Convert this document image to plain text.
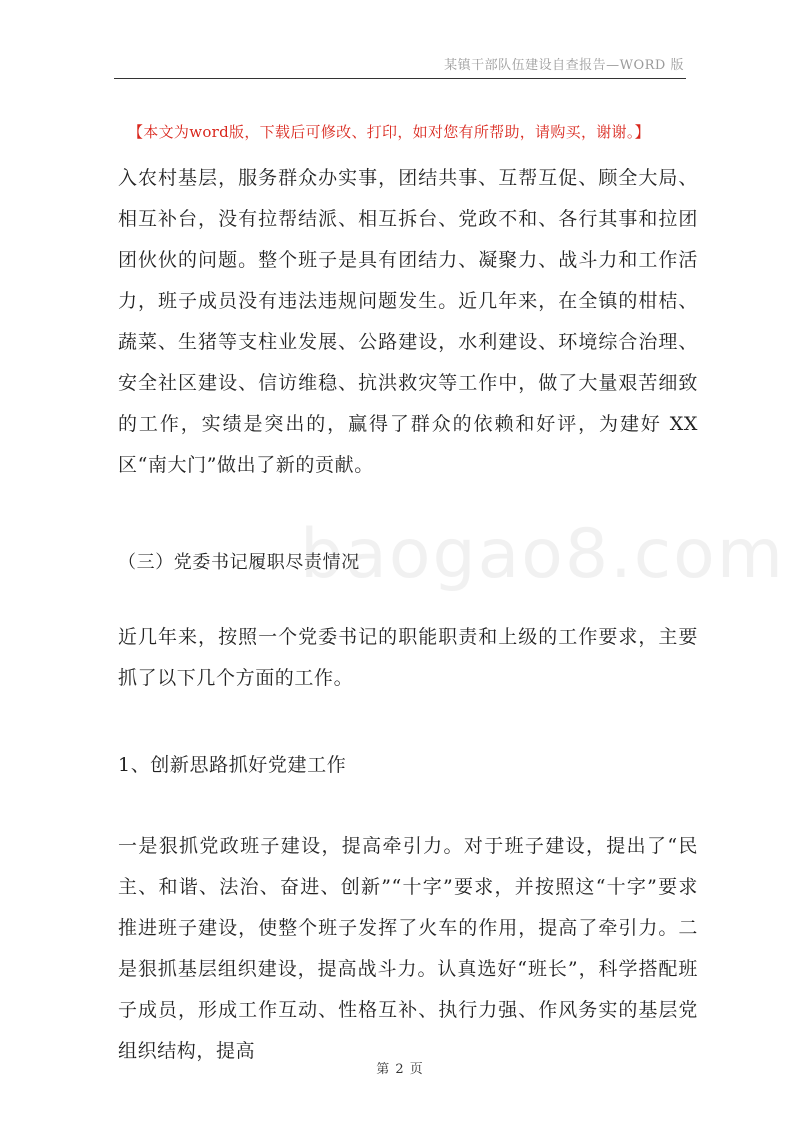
某镇干部队伍建设自查报告—WORD 版
【本文为word版，下载后可修改、打印，如对您有所帮助，请购买，谢谢。】

入农村基层，服务群众办实事，团结共事、互帮互促、顾全大局、相互补台，没有拉帮结派、相互拆台、党政不和、各行其事和拉团团伙伙的问题。整个班子是具有团结力、凝聚力、战斗力和工作活力，班子成员没有违法违规问题发生。近几年来，在全镇的柑桔、蔬菜、生猪等支柱业发展、公路建设，水利建设、环境综合治理、安全社区建设、信访维稳、抗洪救灾等工作中，做了大量艰苦细致的工作，实绩是突出的，赢得了群众的依赖和好评，为建好 XX 区“南大门”做出了新的贡献。

（三）党委书记履职尽责情况

近几年来，按照一个党委书记的职能职责和上级的工作要求，主要抓了以下几个方面的工作。

1、创新思路抓好党建工作

一是狠抓党政班子建设，提高牵引力。对于班子建设，提出了“民主、和谐、法治、奋进、创新”“十字”要求，并按照这“十字”要求推进班子建设，使整个班子发挥了火车的作用，提高了牵引力。二是狠抓基层组织建设，提高战斗力。认真选好“班长”，科学搭配班子成员，形成工作互动、性格互补、执行力强、作风务实的基层党组织结构，提高

baogao8.com
第 2 页
